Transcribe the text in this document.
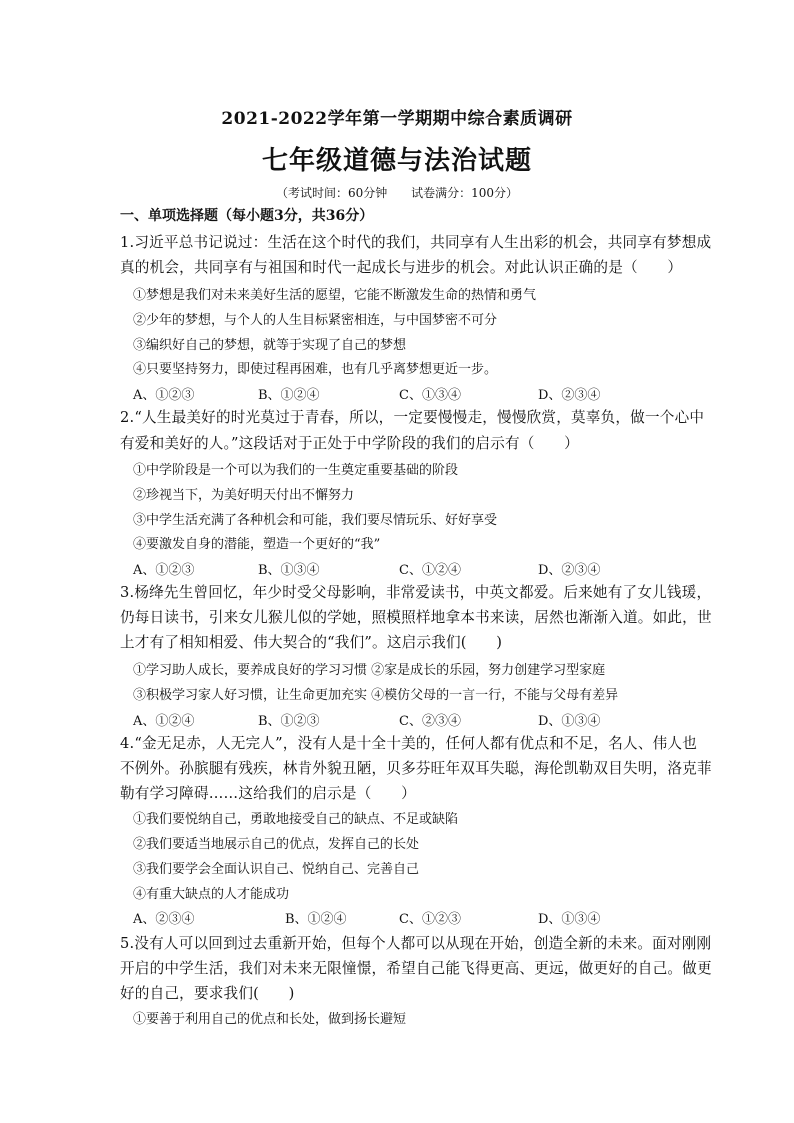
2021-2022学年第一学期期中综合素质调研
七年级道德与法治试题
（考试时间：60分钟 试卷满分：100分）
一、单项选择题（每小题3分，共36分）
1.习近平总书记说过：生活在这个时代的我们，共同享有人生出彩的机会，共同享有梦想成
真的机会，共同享有与祖国和时代一起成长与进步的机会。对此认识正确的是（　　）
①梦想是我们对未来美好生活的愿望，它能不断激发生命的热情和勇气
②少年的梦想，与个人的人生目标紧密相连，与中国梦密不可分
③编织好自己的梦想，就等于实现了自己的梦想
④只要坚持努力，即使过程再困难，也有几乎离梦想更近一步。
A、①②③	B、①②④	C、①③④	D、②③④
2.“人生最美好的时光莫过于青春，所以，一定要慢慢走，慢慢欣赏，莫辜负，做一个心中
有爱和美好的人。”这段话对于正处于中学阶段的我们的启示有（　　）
①中学阶段是一个可以为我们的一生奠定重要基础的阶段
②珍视当下，为美好明天付出不懈努力
③中学生活充满了各种机会和可能，我们要尽情玩乐、好好享受
④要激发自身的潜能，塑造一个更好的“我”
A、①②③	B、①③④	C、①②④	D、②③④
3.杨绛先生曾回忆，年少时受父母影响，非常爱读书，中英文都爱。后来她有了女儿钱瑗，
仍每日读书，引来女儿猴儿似的学她，照模照样地拿本书来读，居然也渐渐入道。如此，世
上才有了相知相爱、伟大契合的“我们”。这启示我们(　　)
①学习助人成长，要养成良好的学习习惯 ②家是成长的乐园，努力创建学习型家庭
③积极学习家人好习惯，让生命更加充实 ④模仿父母的一言一行，不能与父母有差异
A、①②④	B、①②③	C、②③④	D、①③④
4.“金无足赤，人无完人”，没有人是十全十美的，任何人都有优点和不足，名人、伟人也
不例外。孙膑腿有残疾，林肯外貌丑陋，贝多芬旺年双耳失聪，海伦凯勒双目失明，洛克菲
勒有学习障碍……这给我们的启示是（　　）
①我们要悦纳自己，勇敢地接受自己的缺点、不足或缺陷
②我们要适当地展示自己的优点，发挥自己的长处
③我们要学会全面认识自己、悦纳自己、完善自己
④有重大缺点的人才能成功
A、②③④	B、①②④	C、①②③	D、①③④
5.没有人可以回到过去重新开始，但每个人都可以从现在开始，创造全新的未来。面对刚刚
开启的中学生活，我们对未来无限憧憬，希望自己能飞得更高、更远，做更好的自己。做更
好的自己，要求我们(　　)
①要善于利用自己的优点和长处，做到扬长避短
